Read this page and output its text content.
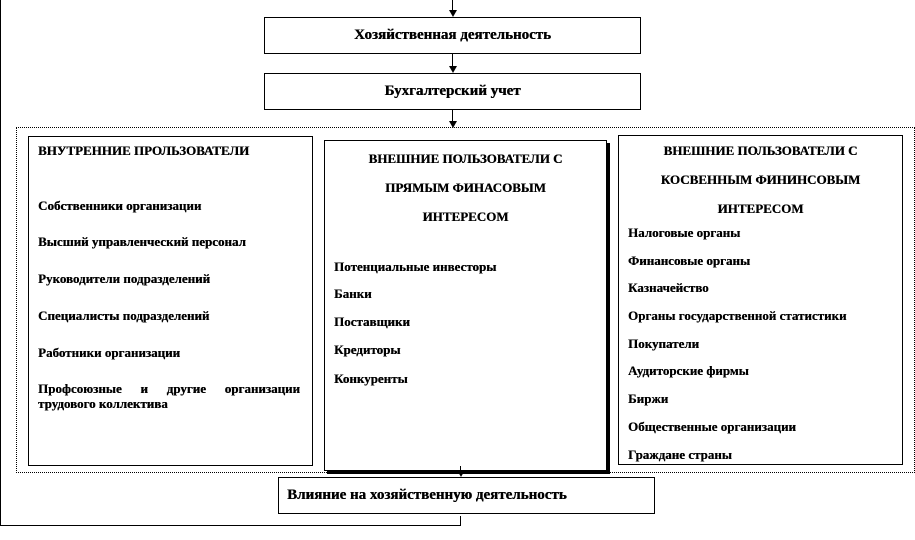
Хозяйственная деятельность
Бухгалтерский учет
ВНУТРЕННИЕ ПРОЛЬЗОВАТЕЛИ
Собственники организации
Высший управленческий персонал
Руководители подразделений
Специалисты подразделений
Работники организации
Профсоюзные и другие организации трудового коллектива
ВНЕШНИЕ ПОЛЬЗОВАТЕЛИ С
ПРЯМЫМ ФИНАСОВЫМ
ИНТЕРЕСОМ
Потенциальные инвесторы
Банки
Поставщики
Кредиторы
Конкуренты
ВНЕШНИЕ ПОЛЬЗОВАТЕЛИ С
КОСВЕННЫМ ФИНИНСОВЫМ
ИНТЕРЕСОМ
Налоговые органы
Финансовые органы
Казначейство
Органы государственной статистики
Покупатели
Аудиторские фирмы
Биржи
Общественные организации
Граждане страны
Влияние на хозяйственную деятельность
